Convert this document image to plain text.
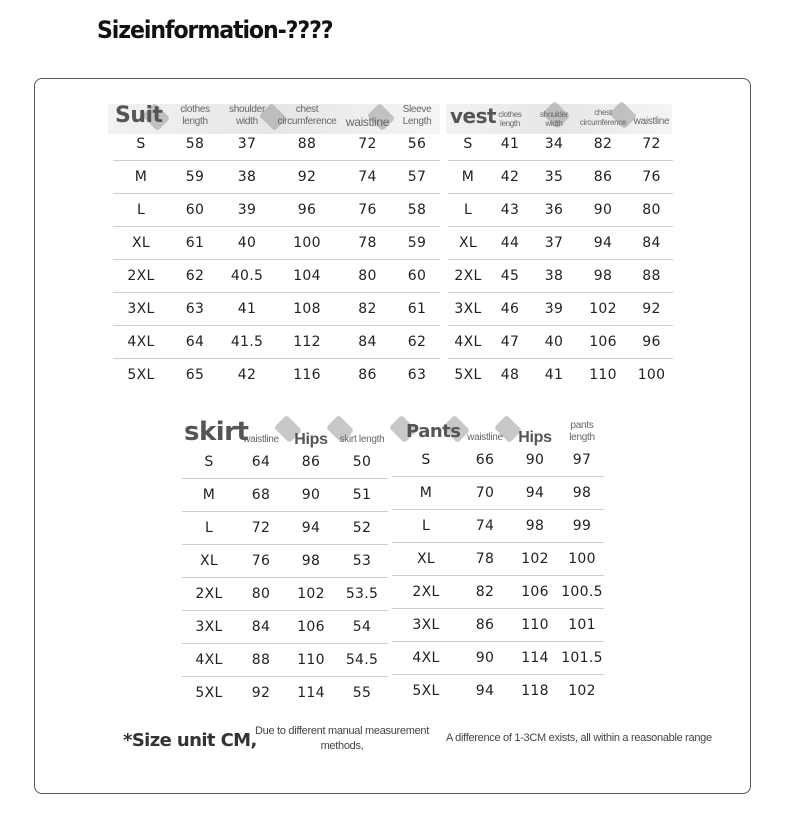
Sizeinformation-????
Suit	clothes length	shoulder width	chest circumference	waistline	Sleeve Length
S	58	37	88	72	56
M	59	38	92	74	57
L	60	39	96	76	58
XL	61	40	100	78	59
2XL	62	40.5	104	80	60
3XL	63	41	108	82	61
4XL	64	41.5	112	84	62
5XL	65	42	116	86	63
vest	clothes length	shoulder width	chest circumference	waistline
S	41	34	82	72
M	42	35	86	76
L	43	36	90	80
XL	44	37	94	84
2XL	45	38	98	88
3XL	46	39	102	92
4XL	47	40	106	96
5XL	48	41	110	100
skirt	waistline	Hips	skirt length
S	64	86	50
M	68	90	51
L	72	94	52
XL	76	98	53
2XL	80	102	53.5
3XL	84	106	54
4XL	88	110	54.5
5XL	92	114	55
Pants	waistline	Hips	pants length
S	66	90	97
M	70	94	98
L	74	98	99
XL	78	102	100
2XL	82	106	100.5
3XL	86	110	101
4XL	90	114	101.5
5XL	94	118	102
*Size unit CM,
Due to different manual measurement methods,
A difference of 1-3CM exists, all within a reasonable range
